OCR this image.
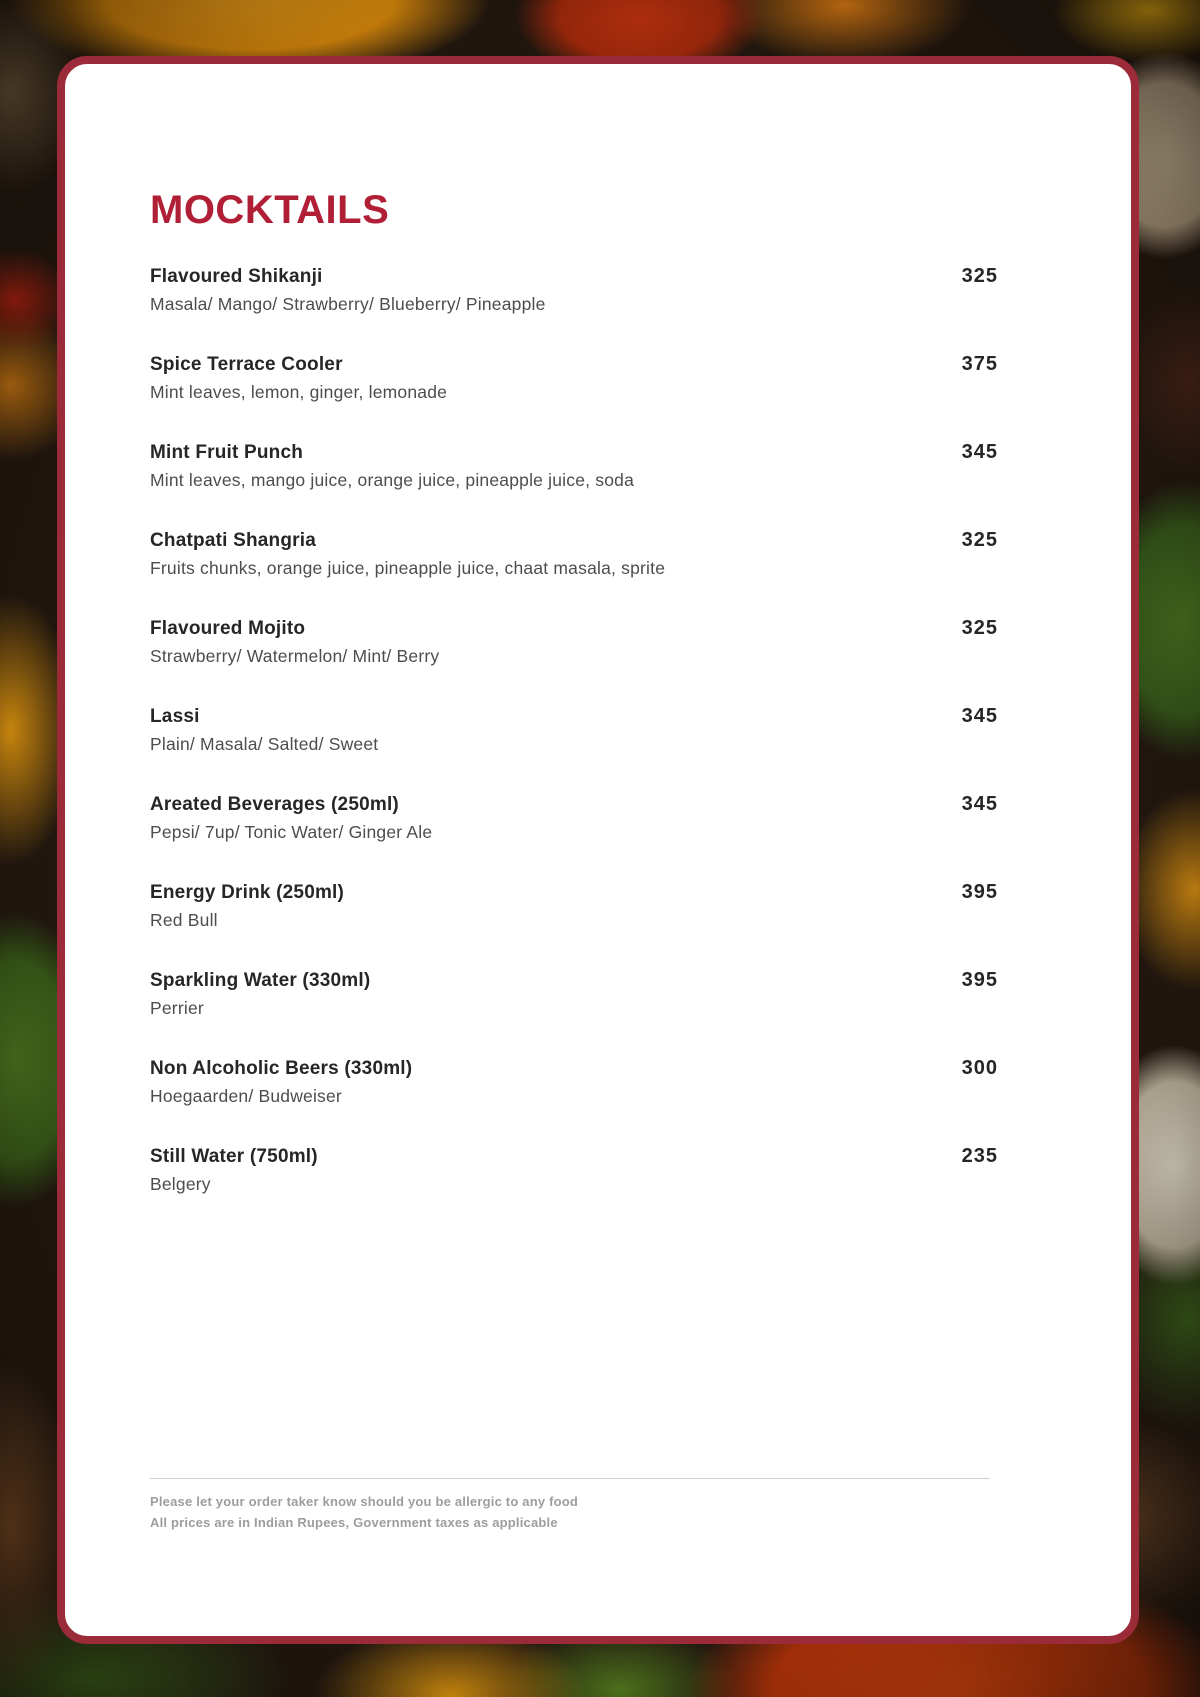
MOCKTAILS
Flavoured Shikanji	325
Masala/ Mango/ Strawberry/ Blueberry/ Pineapple
Spice Terrace Cooler	375
Mint leaves, lemon, ginger, lemonade
Mint Fruit Punch	345
Mint leaves, mango juice, orange juice, pineapple juice, soda
Chatpati Shangria	325
Fruits chunks, orange juice, pineapple juice, chaat masala, sprite
Flavoured Mojito	325
Strawberry/ Watermelon/ Mint/ Berry
Lassi	345
Plain/ Masala/ Salted/ Sweet
Areated Beverages (250ml)	345
Pepsi/ 7up/ Tonic Water/ Ginger Ale
Energy Drink (250ml)	395
Red Bull
Sparkling Water (330ml)	395
Perrier
Non Alcoholic Beers (330ml)	300
Hoegaarden/ Budweiser
Still Water (750ml)	235
Belgery
Please let your order taker know should you be allergic to any food
All prices are in Indian Rupees, Government taxes as applicable
